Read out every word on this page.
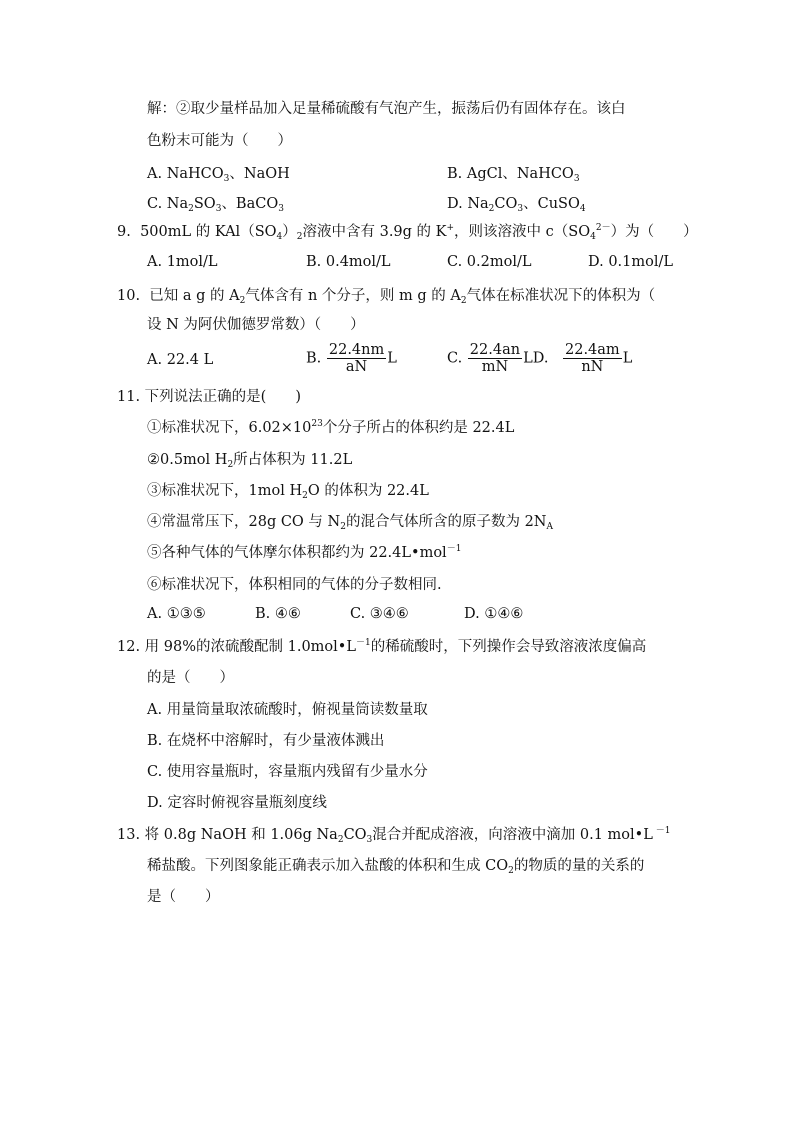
解：②取少量样品加入足量稀硫酸有气泡产生，振荡后仍有固体存在。该白
色粉末可能为（　　）
A. NaHCO$_3$、NaOH	B. AgCl、NaHCO$_3$
C. $Na_2SO_3$、BaCO$_3$	D. $Na_2CO_3$、CuSO$_4$
9. 500mL 的 $KAl(SO_4)_2$溶液中含有 3.9g 的 K+，则该溶液中 $c(SO_4^{2-})$为（　　）
A. 1mol/L	B. 0.4mol/L	C. 0.2mol/L	D. 0.1mol/L
10. 已知 a g 的 $A_2$气体含有 n 个分子，则 m g 的 $A_2$气体在标准状况下的体积为（
设 N 为阿伏伽德罗常数）（　　）
A. 22.4 L	B. $\frac{22.4nm}{aN}$ L	C. $\frac{22.4an}{mN}$ LD. $\frac{22.4am}{nN}$ L
11. 下列说法正确的是(　　)
①标准状况下，$6.02\times 10^{23}$个分子所占的体积约是 22.4L
②0.5mol $H_2$所占体积为 11.2L
③标准状况下，1mol $H_2O$ 的体积为 22.4L
④常温常压下，28g CO 与 $N_2$的混合气体所含的原子数为 $2N_A$
⑤各种气体的气体摩尔体积都约为 22.4L•mol$^{-1}$
⑥标准状况下，体积相同的气体的分子数相同.
A. ①③⑤	B. ④⑥	C. ③④⑥	D. ①④⑥
12. 用 98%的浓硫酸配制 $1.0mol•L^{-1}$的稀硫酸时，下列操作会导致溶液浓度偏高
的是（　　）
A. 用量筒量取浓硫酸时，俯视量筒读数量取
B. 在烧杯中溶解时，有少量液体溅出
C. 使用容量瓶时，容量瓶内残留有少量水分
D. 定容时俯视容量瓶刻度线
13. 将 0.8g NaOH 和 1.06g $Na_2CO_3$混合并配成溶液，向溶液中滴加 0.1 mol•L $^{-1}$
稀盐酸。下列图象能正确表示加入盐酸的体积和生成 $CO_2$的物质的量的关系的
是（　　）
